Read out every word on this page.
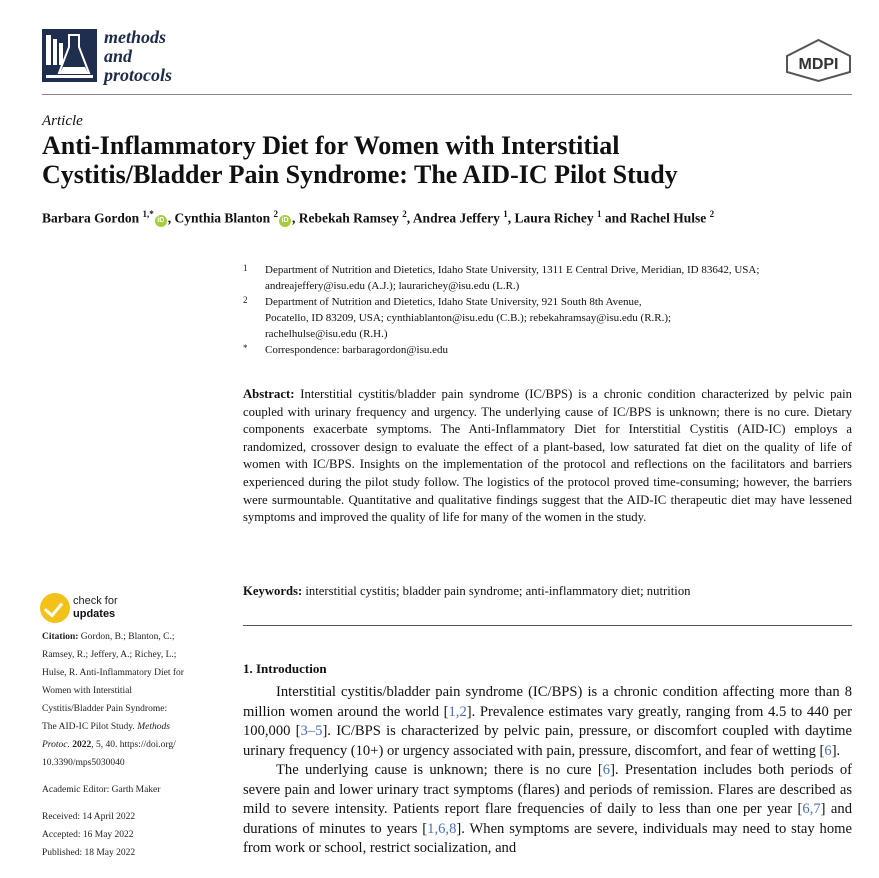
methods
and
protocols
MDPI
Article
Anti-Inflammatory Diet for Women with Interstitial
Cystitis/Bladder Pain Syndrome: The AID-IC Pilot Study
Barbara Gordon $^{1,*}$iD , Cynthia Blanton $^2$iD , Rebekah Ramsey $^2$, Andrea Jeffery $^1$, Laura Richey $^1$ and Rachel Hulse $^2$
1 Department of Nutrition and Dietetics, Idaho State University, 1311 E Central Drive, Meridian, ID 83642, USA;
andreajeffery@isu.edu (A.J.); laurarichey@isu.edu (L.R.)
2 Department of Nutrition and Dietetics, Idaho State University, 921 South 8th Avenue,
Pocatello, ID 83209, USA; cynthiablanton@isu.edu (C.B.); rebekahramsay@isu.edu (R.R.);
rachelhulse@isu.edu (R.H.)
* Correspondence: barbaragordon@isu.edu
Abstract: Interstitial cystitis/bladder pain syndrome (IC/BPS) is a chronic condition characterized by pelvic pain coupled with urinary frequency and urgency. The underlying cause of IC/BPS is unknown; there is no cure. Dietary components exacerbate symptoms. The Anti-Inflammatory Diet for Interstitial Cystitis (AID-IC) employs a randomized, crossover design to evaluate the effect of a plant-based, low saturated fat diet on the quality of life of women with IC/BPS. Insights on the implementation of the protocol and reflections on the facilitators and barriers experienced during the pilot study follow. The logistics of the protocol proved time-consuming; however, the barriers were surmountable. Quantitative and qualitative findings suggest that the AID-IC therapeutic diet may have lessened symptoms and improved the quality of life for many of the women in the study.
Keywords: interstitial cystitis; bladder pain syndrome; anti-inflammatory diet; nutrition
1. Introduction

Interstitial cystitis/bladder pain syndrome (IC/BPS) is a chronic condition affecting more than 8 million women around the world [1,2]. Prevalence estimates vary greatly, ranging from 4.5 to 440 per 100,000 [3–5]. IC/BPS is characterized by pelvic pain, pressure, or discomfort coupled with daytime urinary frequency (10+) or urgency associated with pain, pressure, discomfort, and fear of wetting [6].

The underlying cause is unknown; there is no cure [6]. Presentation includes both periods of severe pain and lower urinary tract symptoms (flares) and periods of remission. Flares are described as mild to severe intensity. Patients report flare frequencies of daily to less than one per year [6,7] and durations of minutes to years [1,6,8]. When symptoms are severe, individuals may need to stay home from work or school, restrict socialization, and

check for
updates
Citation: Gordon, B.; Blanton, C.;
Ramsey, R.; Jeffery, A.; Richey, L.;
Hulse, R. Anti-Inflammatory Diet for
Women with Interstitial
Cystitis/Bladder Pain Syndrome:
The AID-IC Pilot Study. Methods
Protoc. 2022, 5, 40. https://doi.org/
10.3390/mps5030040
Academic Editor: Garth Maker
Received: 14 April 2022
Accepted: 16 May 2022
Published: 18 May 2022
